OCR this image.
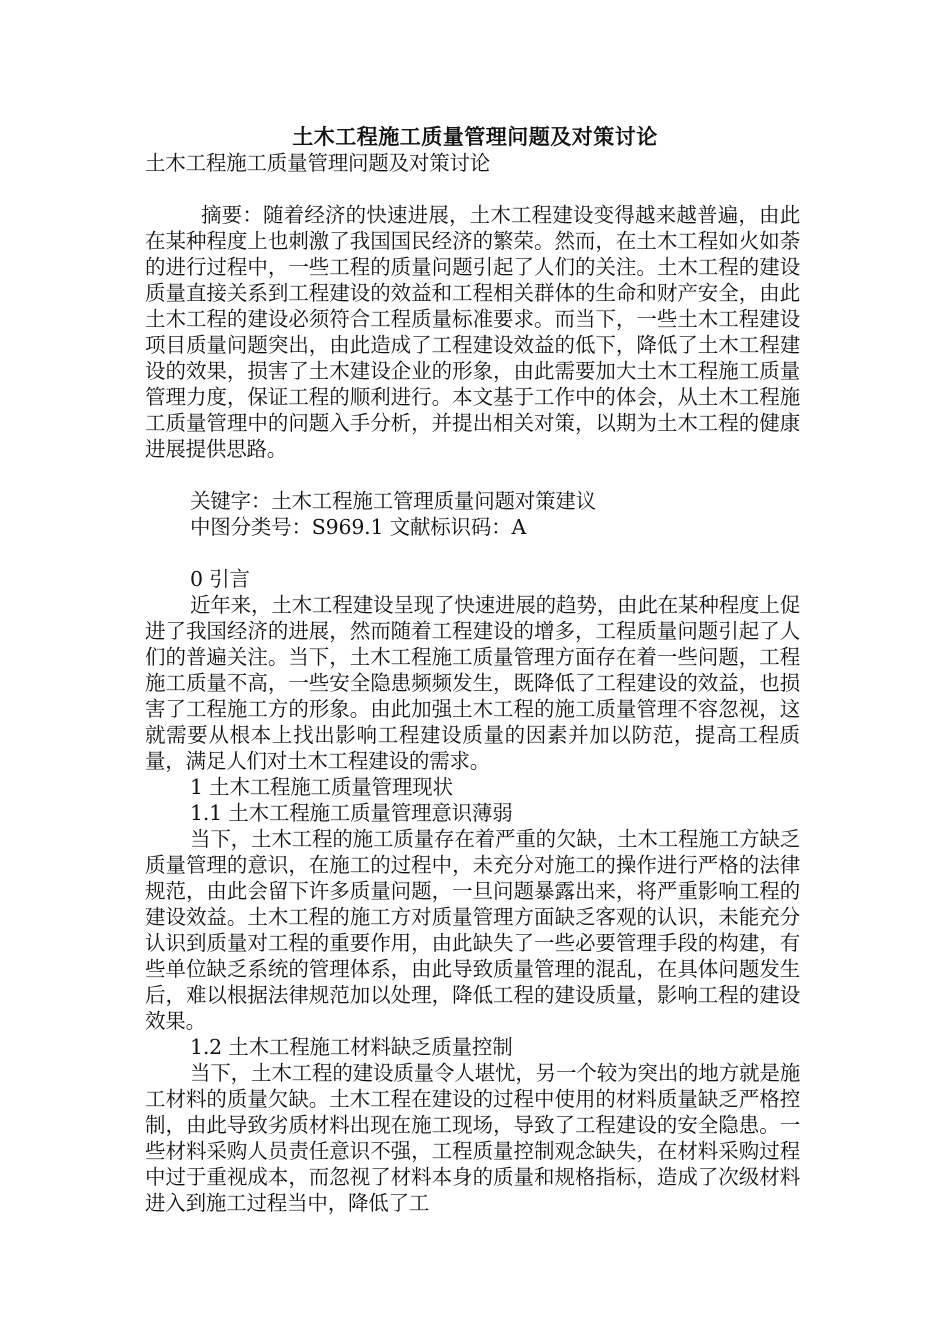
土木工程施工质量管理问题及对策讨论

土木工程施工质量管理问题及对策讨论

摘要：随着经济的快速进展，土木工程建设变得越来越普遍，由此在某种程度上也刺激了我国国民经济的繁荣。然而，在土木工程如火如荼的进行过程中，一些工程的质量问题引起了人们的关注。土木工程的建设质量直接关系到工程建设的效益和工程相关群体的生命和财产安全，由此土木工程的建设必须符合工程质量标准要求。而当下，一些土木工程建设项目质量问题突出，由此造成了工程建设效益的低下，降低了土木工程建设的效果，损害了土木建设企业的形象，由此需要加大土木工程施工质量管理力度，保证工程的顺利进行。本文基于工作中的体会，从土木工程施工质量管理中的问题入手分析，并提出相关对策，以期为土木工程的健康进展提供思路。

关键字：土木工程施工管理质量问题对策建议

中图分类号：S969.1 文献标识码：A

0 引言

近年来，土木工程建设呈现了快速进展的趋势，由此在某种程度上促进了我国经济的进展，然而随着工程建设的增多，工程质量问题引起了人们的普遍关注。当下，土木工程施工质量管理方面存在着一些问题，工程施工质量不高，一些安全隐患频频发生，既降低了工程建设的效益，也损害了工程施工方的形象。由此加强土木工程的施工质量管理不容忽视，这就需要从根本上找出影响工程建设质量的因素并加以防范，提高工程质量，满足人们对土木工程建设的需求。

1 土木工程施工质量管理现状

1.1 土木工程施工质量管理意识薄弱

当下，土木工程的施工质量存在着严重的欠缺，土木工程施工方缺乏质量管理的意识，在施工的过程中，未充分对施工的操作进行严格的法律规范，由此会留下许多质量问题，一旦问题暴露出来，将严重影响工程的建设效益。土木工程的施工方对质量管理方面缺乏客观的认识，未能充分认识到质量对工程的重要作用，由此缺失了一些必要管理手段的构建，有些单位缺乏系统的管理体系，由此导致质量管理的混乱，在具体问题发生后，难以根据法律规范加以处理，降低工程的建设质量，影响工程的建设效果。

1.2 土木工程施工材料缺乏质量控制

当下，土木工程的建设质量令人堪忧，另一个较为突出的地方就是施工材料的质量欠缺。土木工程在建设的过程中使用的材料质量缺乏严格控制，由此导致劣质材料出现在施工现场，导致了工程建设的安全隐患。一些材料采购人员责任意识不强，工程质量控制观念缺失，在材料采购过程中过于重视成本，而忽视了材料本身的质量和规格指标，造成了次级材料进入到施工过程当中，降低了工
